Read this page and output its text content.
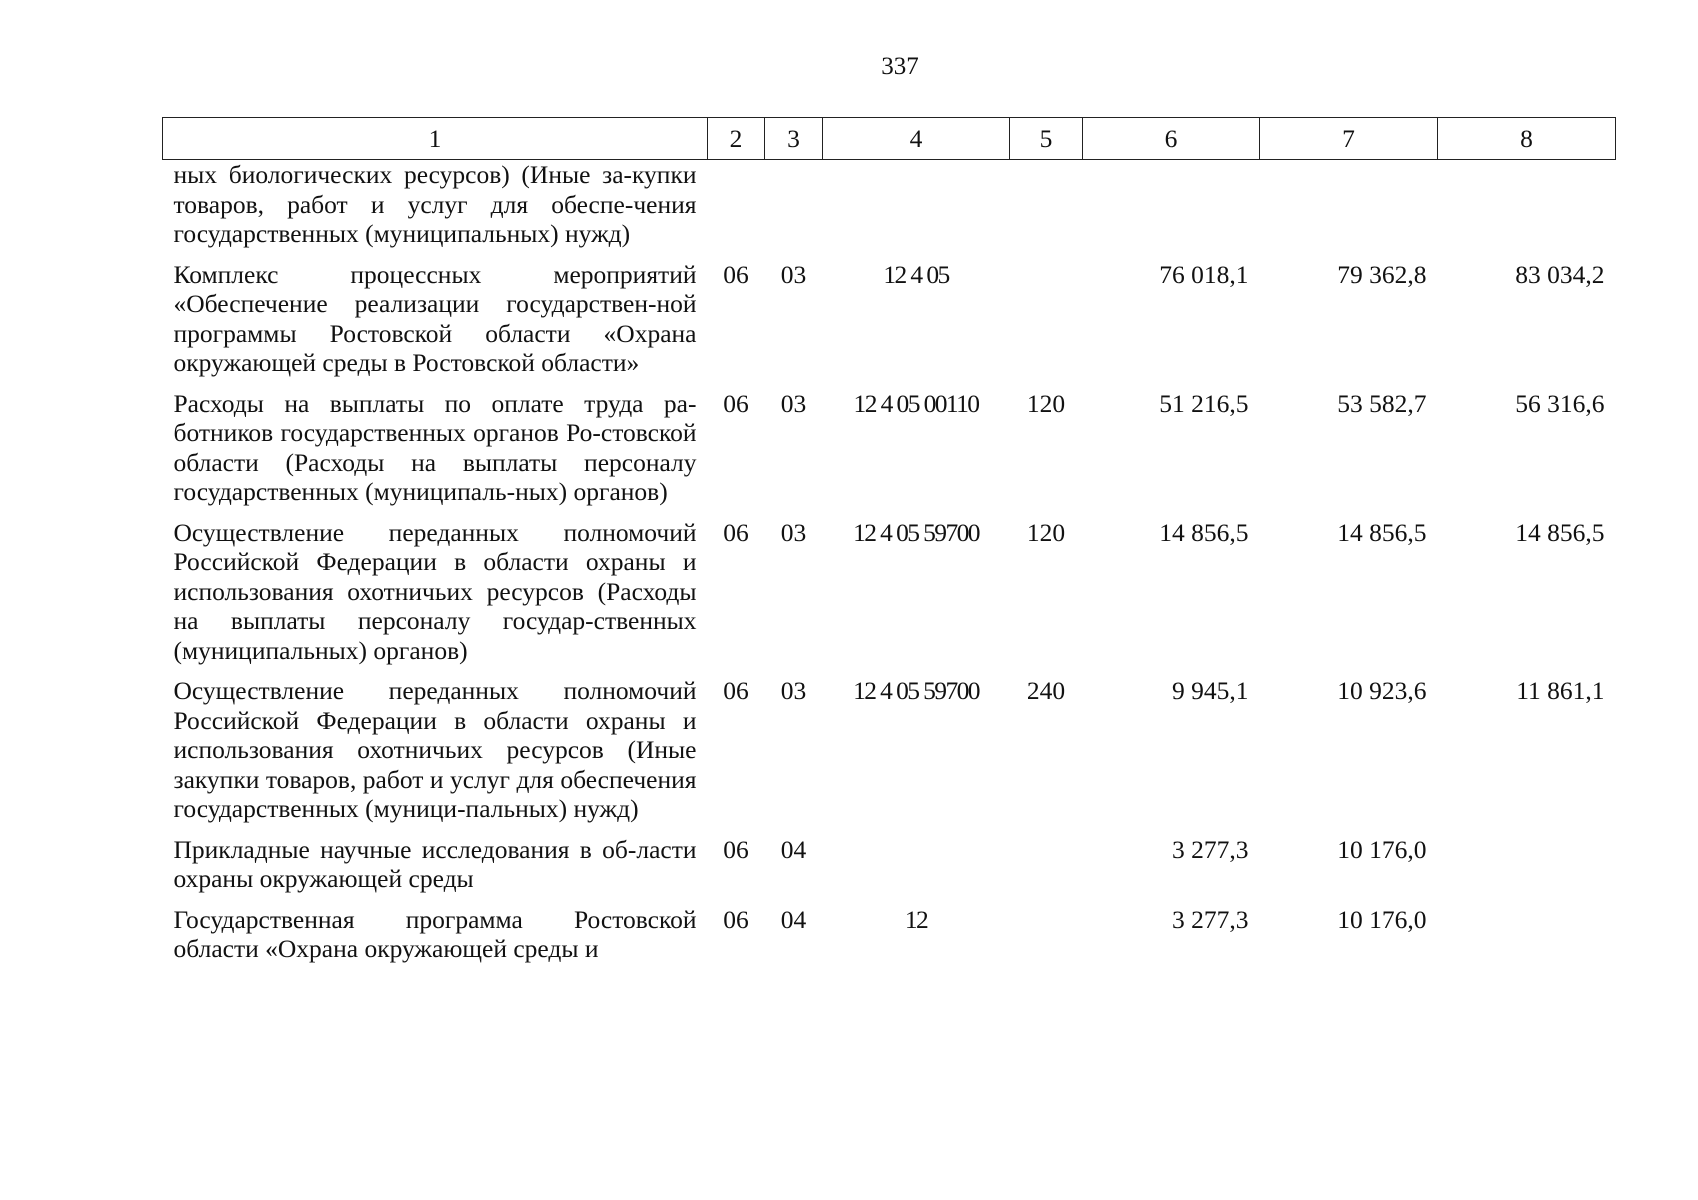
337
1	2	3	4	5	6	7	8
ных биологических ресурсов) (Иные за-купки товаров, работ и услуг для обеспе-чения государственных (муниципальных) нужд)							
Комплекс процессных мероприятий «Обеспечение реализации государствен-ной программы Ростовской области «Охрана окружающей среды в Ростовской области»	06	03	12 4 05		76 018,1	79 362,8	83 034,2
Расходы на выплаты по оплате труда ра-ботников государственных органов Ро-стовской области (Расходы на выплаты персоналу государственных (муниципаль-ных) органов)	06	03	12 4 05 00110	120	51 216,5	53 582,7	56 316,6
Осуществление переданных полномочий Российской Федерации в области охраны и использования охотничьих ресурсов (Расходы на выплаты персоналу государ-ственных (муниципальных) органов)	06	03	12 4 05 59700	120	14 856,5	14 856,5	14 856,5
Осуществление переданных полномочий Российской Федерации в области охраны и использования охотничьих ресурсов (Иные закупки товаров, работ и услуг для обеспечения государственных (муници-пальных) нужд)	06	03	12 4 05 59700	240	9 945,1	10 923,6	11 861,1
Прикладные научные исследования в об-ласти охраны окружающей среды	06	04			3 277,3	10 176,0	
Государственная программа Ростовской области «Охрана окружающей среды и	06	04	12		3 277,3	10 176,0	
